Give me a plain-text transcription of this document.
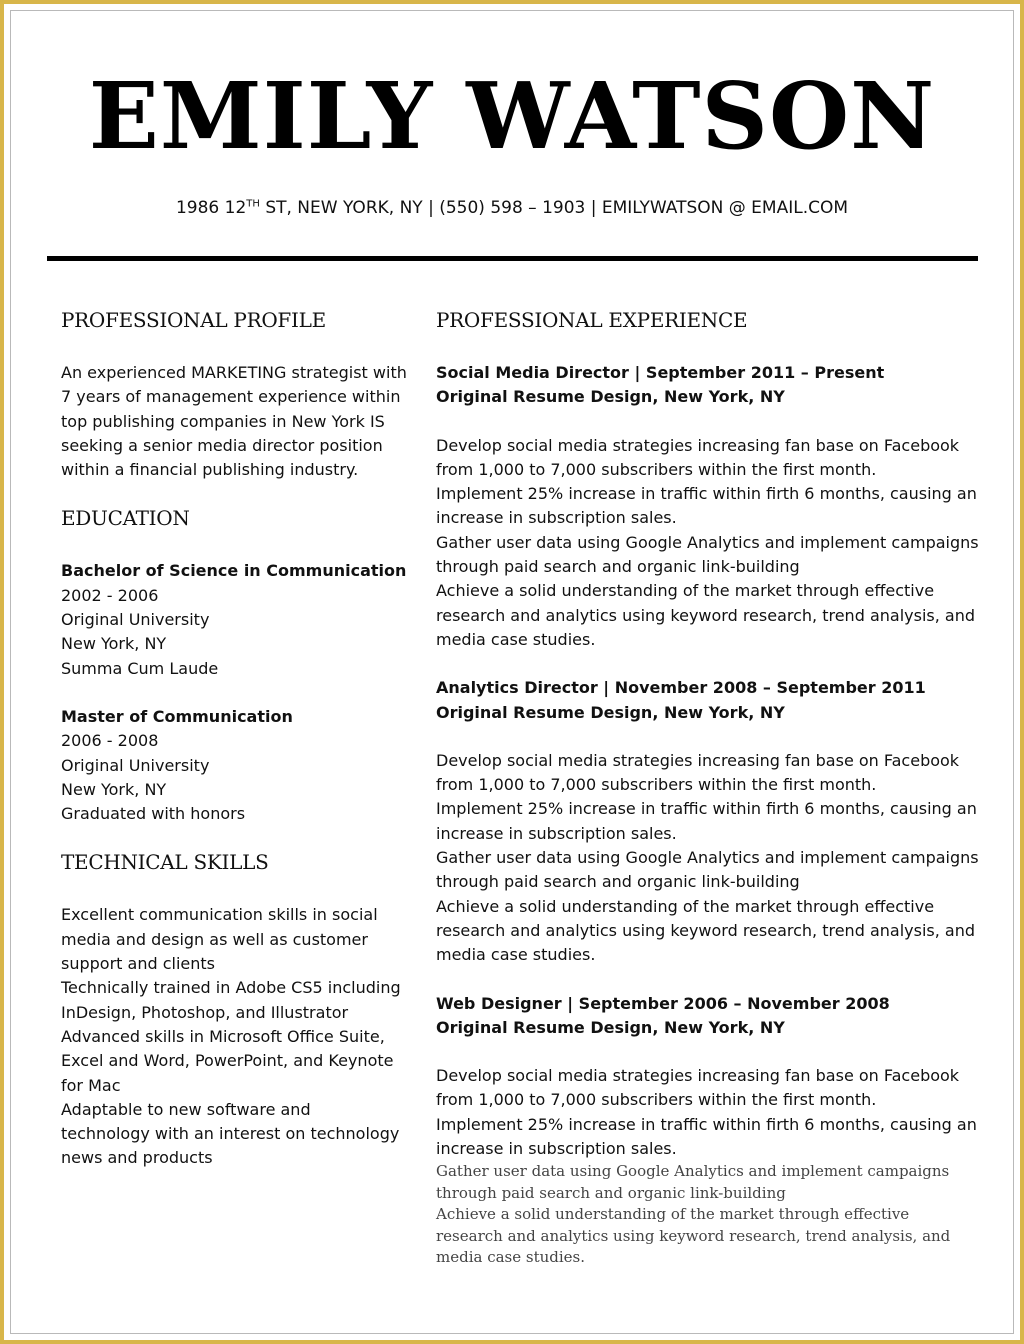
EMILY WATSON
1986 12TH ST, NEW YORK, NY | (550) 598 – 1903 | EMILYWATSON @ EMAIL.COM
PROFESSIONAL PROFILE
An experienced MARKETING strategist with
7 years of management experience within
top publishing companies in New York IS
seeking a senior media director position
within a financial publishing industry.
EDUCATION
Bachelor of Science in Communication
2002 - 2006
Original University
New York, NY
Summa Cum Laude
Master of Communication
2006 - 2008
Original University
New York, NY
Graduated with honors
TECHNICAL SKILLS
Excellent communication skills in social
media and design as well as customer
support and clients
Technically trained in Adobe CS5 including
InDesign, Photoshop, and Illustrator
Advanced skills in Microsoft Office Suite,
Excel and Word, PowerPoint, and Keynote
for Mac
Adaptable to new software and
technology with an interest on technology
news and products
PROFESSIONAL EXPERIENCE
Social Media Director | September 2011 – Present
Original Resume Design, New York, NY
Develop social media strategies increasing fan base on Facebook
from 1,000 to 7,000 subscribers within the first month.
Implement 25% increase in traffic within firth 6 months, causing an
increase in subscription sales.
Gather user data using Google Analytics and implement campaigns
through paid search and organic link-building
Achieve a solid understanding of the market through effective
research and analytics using keyword research, trend analysis, and
media case studies.
Analytics Director | November 2008 – September 2011
Original Resume Design, New York, NY
Develop social media strategies increasing fan base on Facebook
from 1,000 to 7,000 subscribers within the first month.
Implement 25% increase in traffic within firth 6 months, causing an
increase in subscription sales.
Gather user data using Google Analytics and implement campaigns
through paid search and organic link-building
Achieve a solid understanding of the market through effective
research and analytics using keyword research, trend analysis, and
media case studies.
Web Designer | September 2006 – November 2008
Original Resume Design, New York, NY
Develop social media strategies increasing fan base on Facebook
from 1,000 to 7,000 subscribers within the first month.
Implement 25% increase in traffic within firth 6 months, causing an
increase in subscription sales.
Gather user data using Google Analytics and implement campaigns
through paid search and organic link-building
Achieve a solid understanding of the market through effective
research and analytics using keyword research, trend analysis, and
media case studies.
